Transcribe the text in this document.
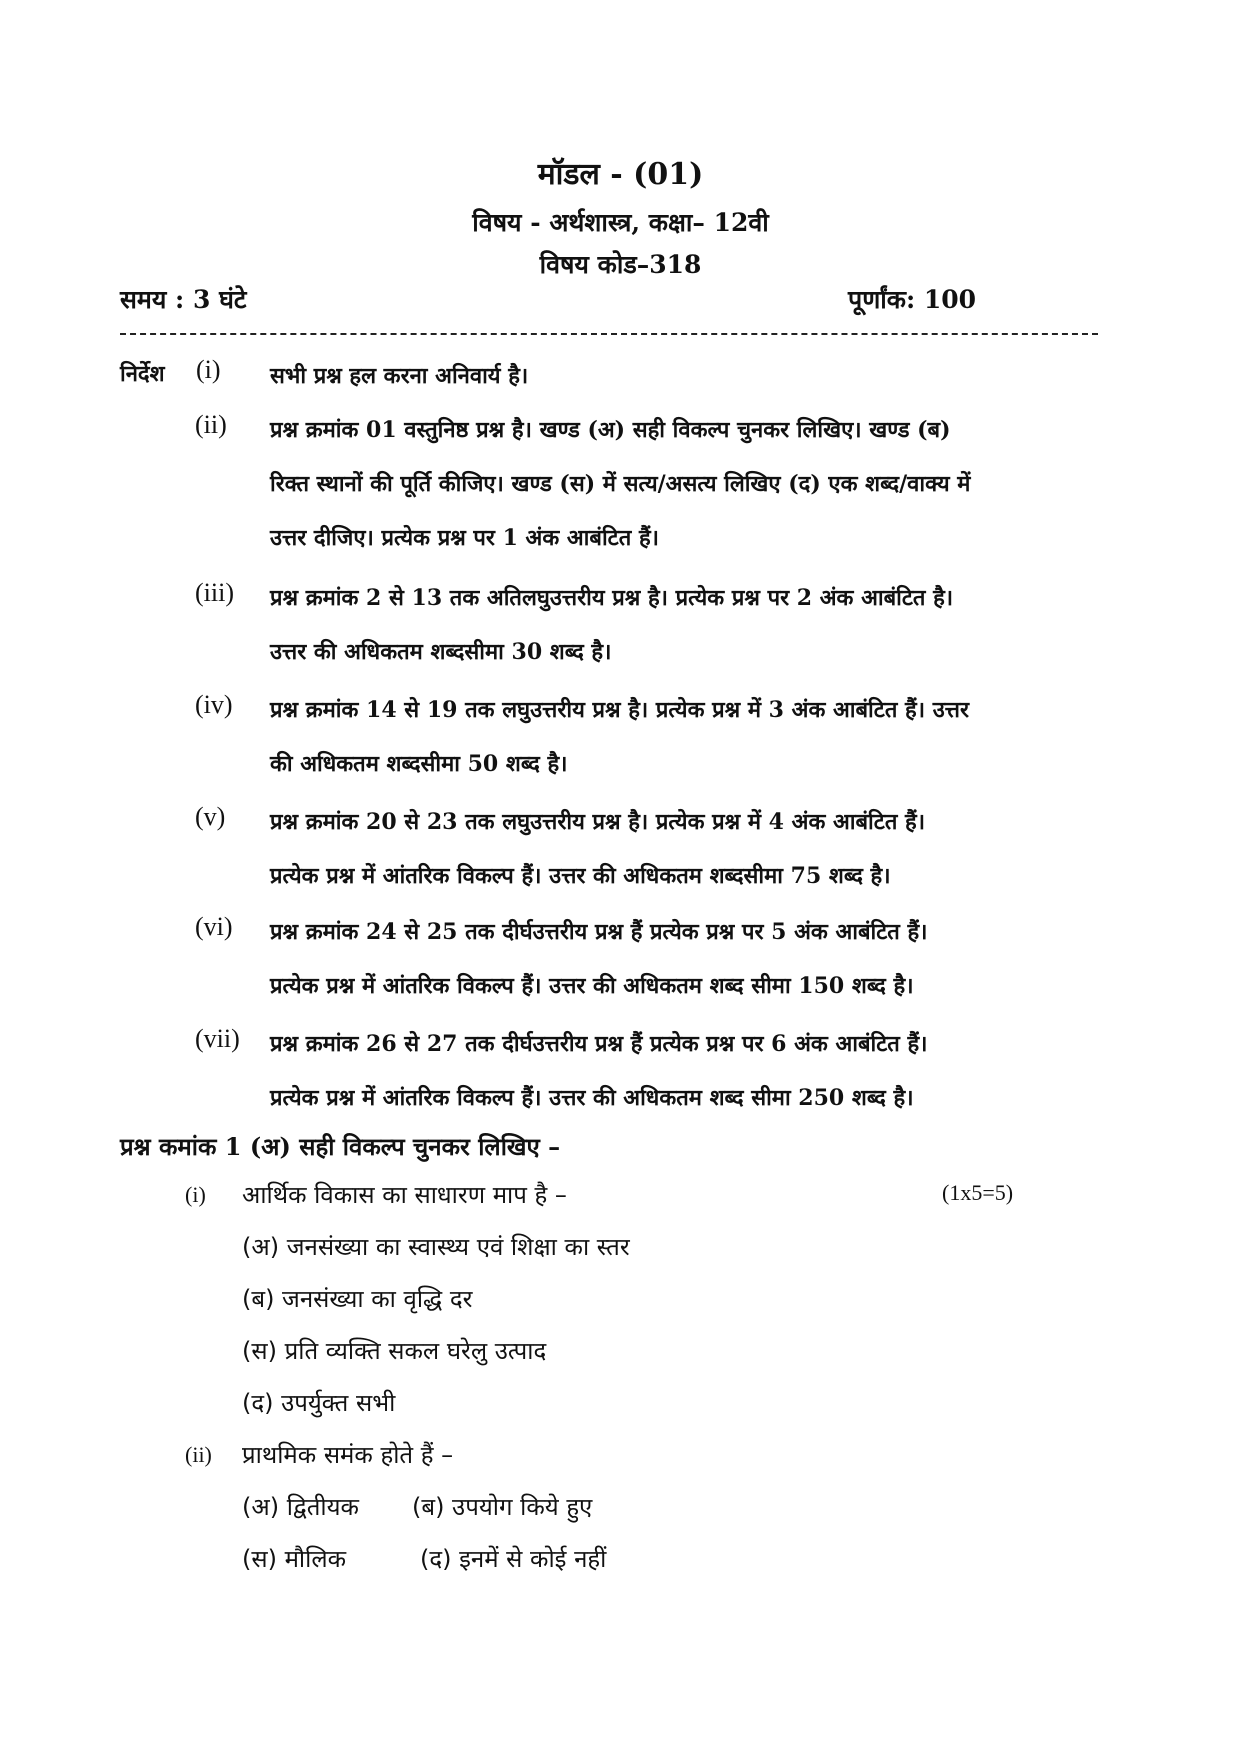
मॉडल - (01)
विषय - अर्थशास्त्र, कक्षा– 12वी
विषय कोड–318
समय : 3 घंटे	पूर्णांक: 100
निर्देश (i) सभी प्रश्न हल करना अनिवार्य है।
(ii) प्रश्न क्रमांक 01 वस्तुनिष्ठ प्रश्न है। खण्ड (अ) सही विकल्प चुनकर लिखिए। खण्ड (ब)
रिक्त स्थानों की पूर्ति कीजिए। खण्ड (स) में सत्य/असत्य लिखिए (द) एक शब्द/वाक्य में
उत्तर दीजिए। प्रत्येक प्रश्न पर 1 अंक आबंटित हैं।
(iii) प्रश्न क्रमांक 2 से 13 तक अतिलघुउत्तरीय प्रश्न है। प्रत्येक प्रश्न पर 2 अंक आबंटित है।
उत्तर की अधिकतम शब्दसीमा 30 शब्द है।
(iv) प्रश्न क्रमांक 14 से 19 तक लघुउत्तरीय प्रश्न है। प्रत्येक प्रश्न में 3 अंक आबंटित हैं। उत्तर
की अधिकतम शब्दसीमा 50 शब्द है।
(v) प्रश्न क्रमांक 20 से 23 तक लघुउत्तरीय प्रश्न है। प्रत्येक प्रश्न में 4 अंक आबंटित हैं।
प्रत्येक प्रश्न में आंतरिक विकल्प हैं। उत्तर की अधिकतम शब्दसीमा 75 शब्द है।
(vi) प्रश्न क्रमांक 24 से 25 तक दीर्घउत्तरीय प्रश्न हैं प्रत्येक प्रश्न पर 5 अंक आबंटित हैं।
प्रत्येक प्रश्न में आंतरिक विकल्प हैं। उत्तर की अधिकतम शब्द सीमा 150 शब्द है।
(vii) प्रश्न क्रमांक 26 से 27 तक दीर्घउत्तरीय प्रश्न हैं प्रत्येक प्रश्न पर 6 अंक आबंटित हैं।
प्रत्येक प्रश्न में आंतरिक विकल्प हैं। उत्तर की अधिकतम शब्द सीमा 250 शब्द है।
प्रश्न कमांक 1 (अ) सही विकल्प चुनकर लिखिए –
(i) आर्थिक विकास का साधारण माप है –	(1x5=5)
(अ) जनसंख्या का स्वास्थ्य एवं शिक्षा का स्तर
(ब) जनसंख्या का वृद्धि दर
(स) प्रति व्यक्ति सकल घरेलु उत्पाद
(द) उपर्युक्त सभी
(ii) प्राथमिक समंक होते हैं –
(अ) द्वितीयक (ब) उपयोग किये हुए
(स) मौलिक	(द) इनमें से कोई नहीं
